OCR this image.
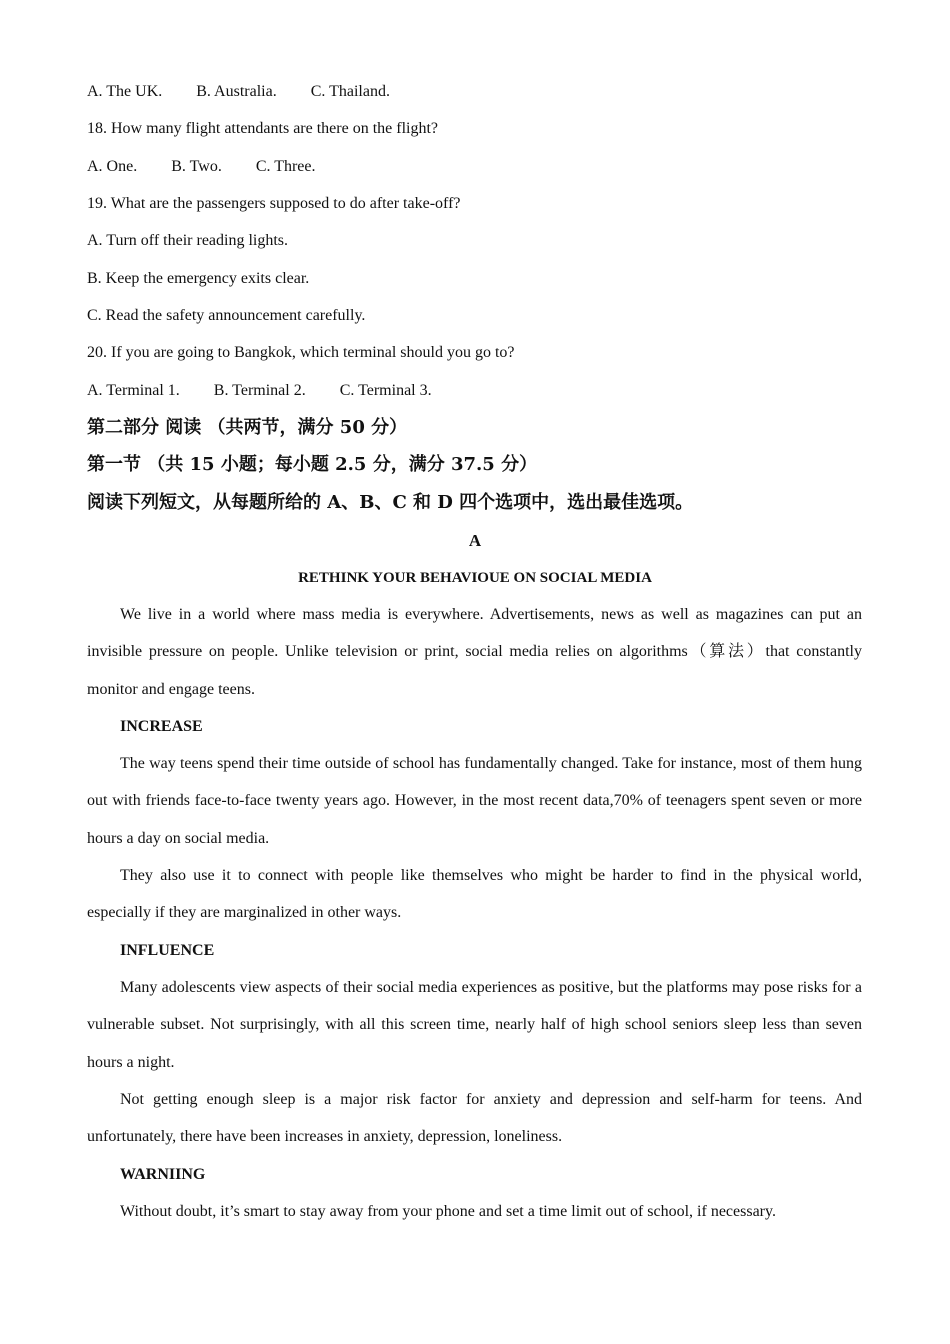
A. The UK. B. Australia. C. Thailand.
18. How many flight attendants are there on the flight?
A. One. B. Two. C. Three.
19. What are the passengers supposed to do after take-off?
A. Turn off their reading lights.
B. Keep the emergency exits clear.
C. Read the safety announcement carefully.
20. If you are going to Bangkok, which terminal should you go to?
A. Terminal 1. B. Terminal 2. C. Terminal 3.
第二部分 阅读 （共两节，满分 50 分）
第一节 （共 15 小题；每小题 2.5 分，满分 37.5 分）
阅读下列短文，从每题所给的 A、B、C 和 D 四个选项中，选出最佳选项。
A
RETHINK YOUR BEHAVIOUE ON SOCIAL MEDIA

We live in a world where mass media is everywhere. Advertisements, news as well as magazines can put an invisible pressure on people. Unlike television or print, social media relies on algorithms（算法）that constantly monitor and engage teens.

INCREASE

The way teens spend their time outside of school has fundamentally changed. Take for instance, most of them hung out with friends face-to-face twenty years ago. However, in the most recent data,70% of teenagers spent seven or more hours a day on social media.

They also use it to connect with people like themselves who might be harder to find in the physical world, especially if they are marginalized in other ways.

INFLUENCE

Many adolescents view aspects of their social media experiences as positive, but the platforms may pose risks for a vulnerable subset. Not surprisingly, with all this screen time, nearly half of high school seniors sleep less than seven hours a night.

Not getting enough sleep is a major risk factor for anxiety and depression and self-harm for teens. And unfortunately, there have been increases in anxiety, depression, loneliness.

WARNIING

Without doubt, it’s smart to stay away from your phone and set a time limit out of school, if necessary.
